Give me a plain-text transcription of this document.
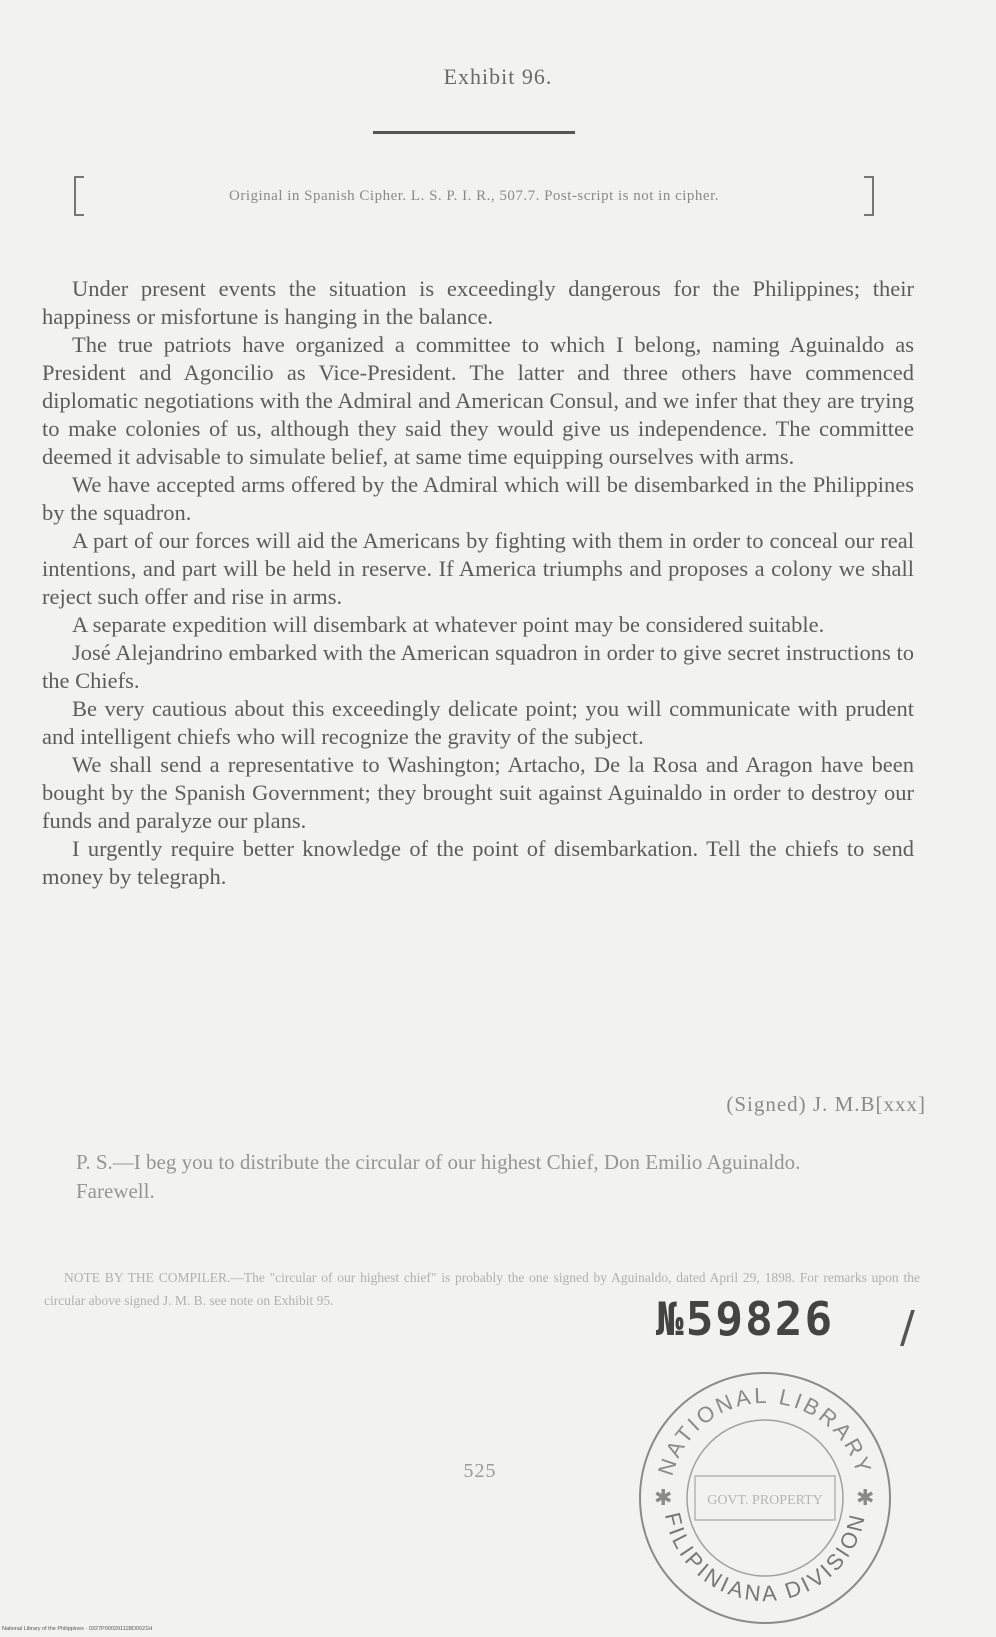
Exhibit 96.
Original in Spanish Cipher. L. S. P. I. R., 507.7. Post-script is not in cipher.

Under present events the situation is exceedingly dangerous for the Philippines; their happiness or misfortune is hanging in the balance.

The true patriots have organized a committee to which I belong, naming Aguinaldo as President and Agoncilio as Vice-President. The latter and three others have commenced diplomatic negotiations with the Admiral and American Consul, and we infer that they are trying to make colonies of us, although they said they would give us independence. The committee deemed it advisable to simulate belief, at same time equipping ourselves with arms.

We have accepted arms offered by the Admiral which will be disembarked in the Philippines by the squadron.

A part of our forces will aid the Americans by fighting with them in order to conceal our real intentions, and part will be held in reserve. If America triumphs and proposes a colony we shall reject such offer and rise in arms.

A separate expedition will disembark at whatever point may be considered suitable.

José Alejandrino embarked with the American squadron in order to give secret instructions to the Chiefs.

Be very cautious about this exceedingly delicate point; you will communicate with prudent and intelligent chiefs who will recognize the gravity of the subject.

We shall send a representative to Washington; Artacho, De la Rosa and Aragon have been bought by the Spanish Government; they brought suit against Aguinaldo in order to destroy our funds and paralyze our plans.

I urgently require better knowledge of the point of disembarkation. Tell the chiefs to send money by telegraph.

(Signed) J. M.B[xxx]

P. S.—I beg you to distribute the circular of our highest Chief, Don Emilio Aguinaldo.

Farewell.

NOTE BY THE COMPILER.—The "circular of our highest chief" is probably the one signed by Aguinaldo, dated April 29, 1898. For remarks upon the circular above signed J. M. B. see note on Exhibit 95.

525
№59826 /
GOVT. PROPERTY
NATIONAL LIBRARY
FILIPINIANA DIVISION
✱	✱
National Library of the Philippines · 0327P00029111BD0021H
